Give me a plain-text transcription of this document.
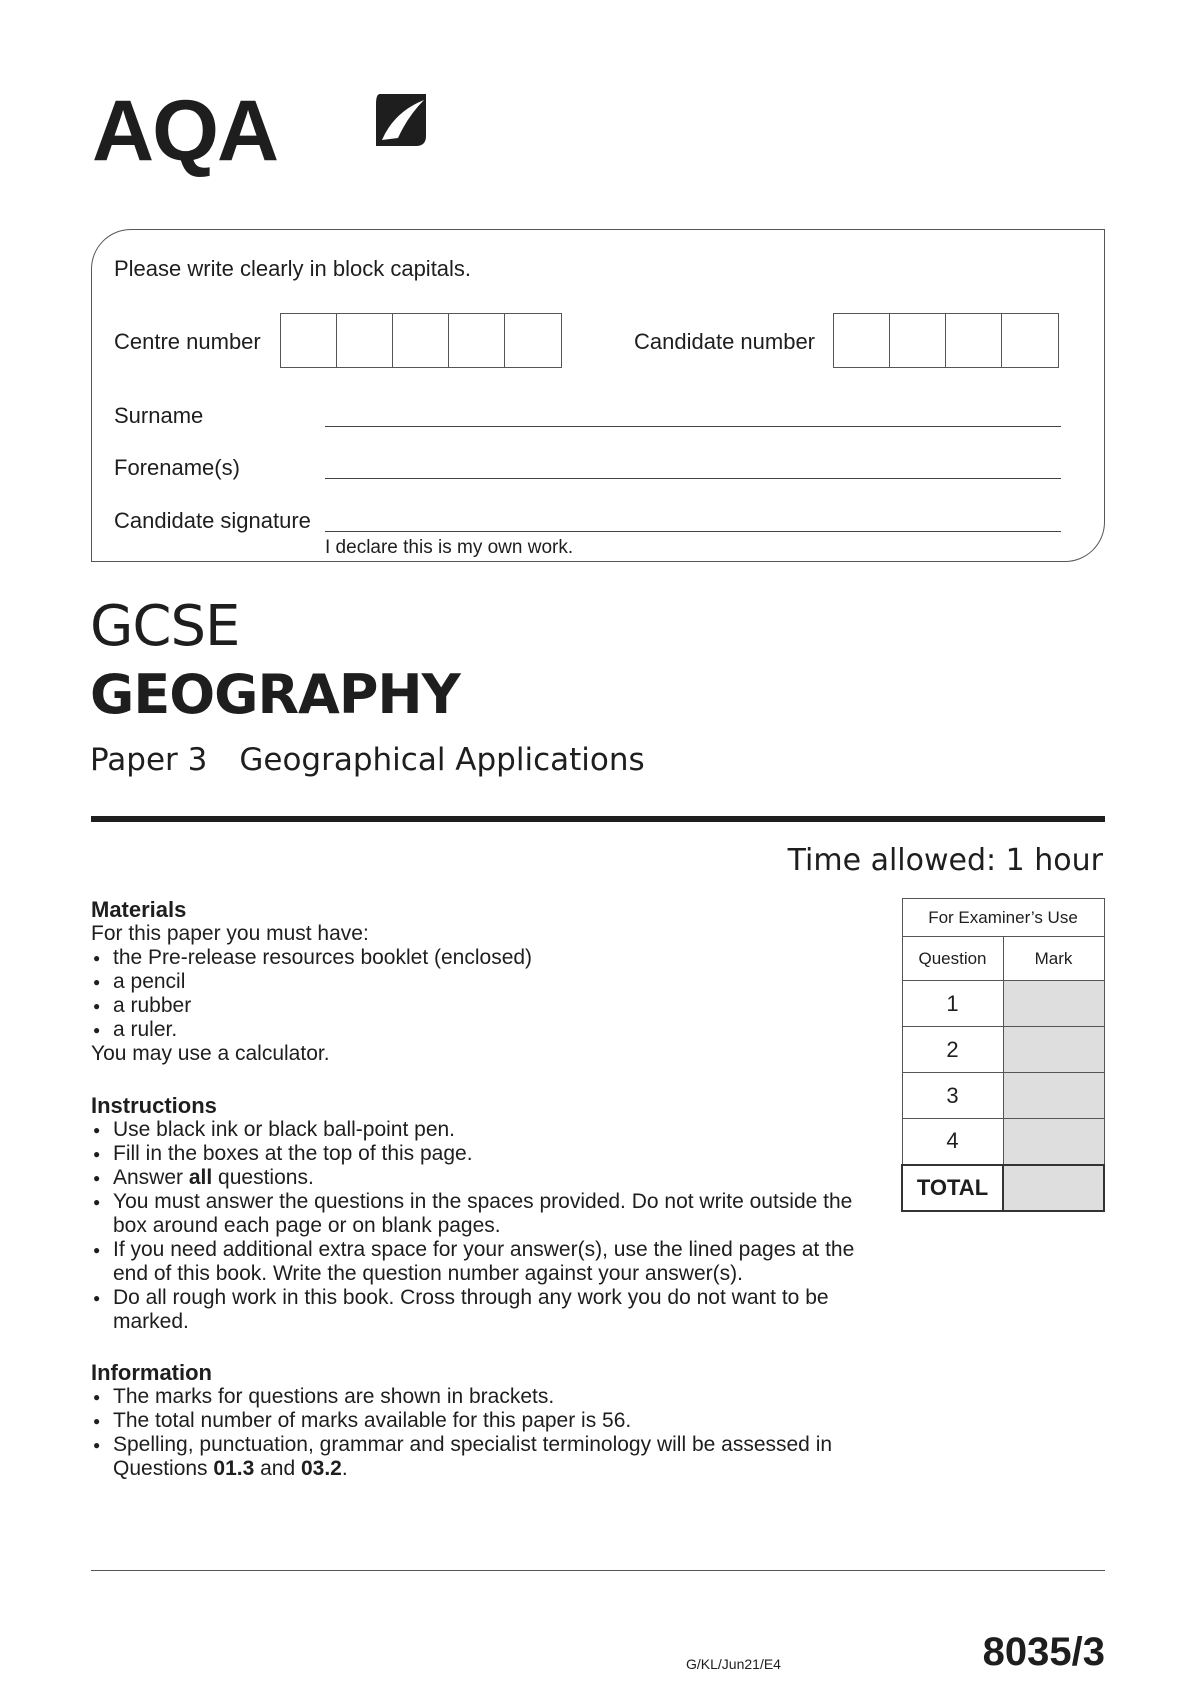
AQA
Please write clearly in block capitals.
Centre number	Candidate number
Surname
Forename(s)
Candidate signature
I declare this is my own work.
GCSE
GEOGRAPHY
Paper 3 Geographical Applications
Time allowed: 1 hour
Materials
For this paper you must have:
● the Pre-release resources booklet (enclosed)
● a pencil
● a rubber
● a ruler.
You may use a calculator.
Instructions
● Use black ink or black ball-point pen.
● Fill in the boxes at the top of this page.
● Answer all questions.
● You must answer the questions in the spaces provided. Do not write outside the box around each page or on blank pages.
● If you need additional extra space for your answer(s), use the lined pages at the end of this book. Write the question number against your answer(s).
● Do all rough work in this book. Cross through any work you do not want to be marked.
Information
● The marks for questions are shown in brackets.
● The total number of marks available for this paper is 56.
● Spelling, punctuation, grammar and specialist terminology will be assessed in Questions 01.3 and 03.2.
For Examiner’s Use	
Question	Mark
1	
2	
3	
4	
TOTAL	
G/KL/Jun21/E4	8035/3
